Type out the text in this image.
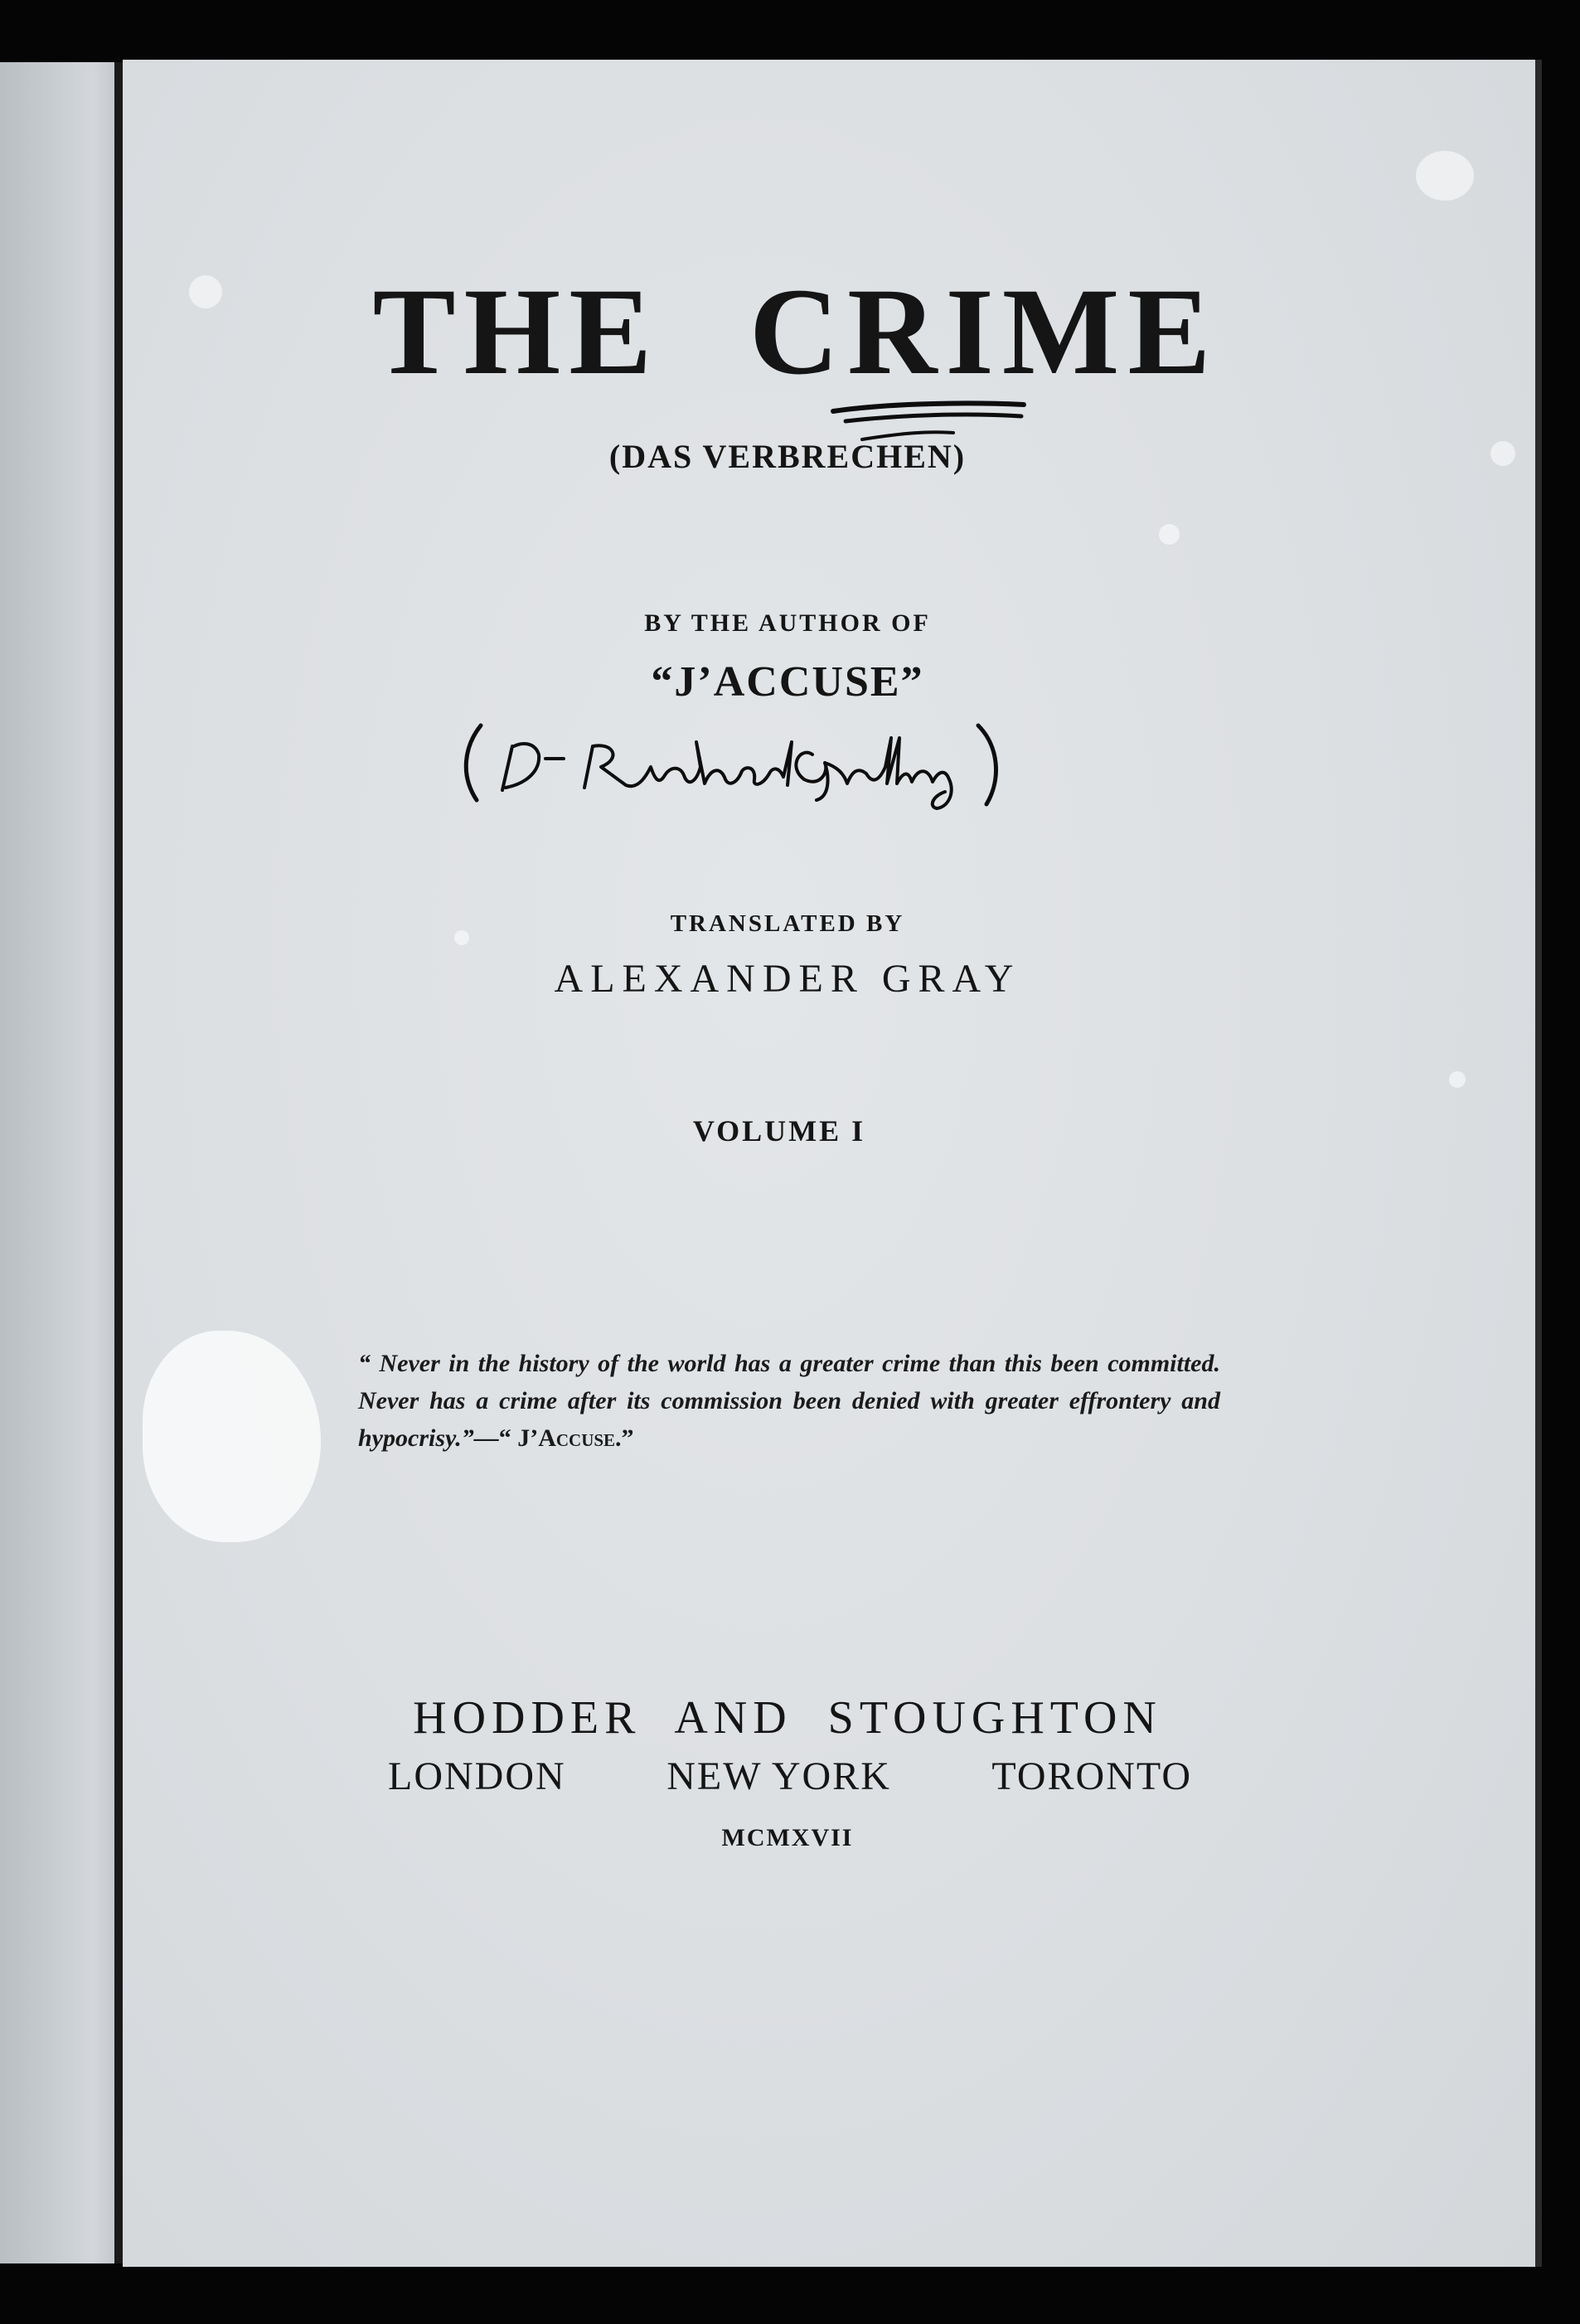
THE CRIME
(DAS VERBRECHEN)
BY THE AUTHOR OF
“J’ACCUSE”
TRANSLATED BY
ALEXANDER GRAY
VOLUME I
“ Never in the history of the world has a greater crime than this been committed. Never has a crime after its commission been denied with greater effrontery and hypocrisy.”—“ J’Accuse.”
HODDER AND STOUGHTON
LONDON	NEW YORK	TORONTO
MCMXVII
